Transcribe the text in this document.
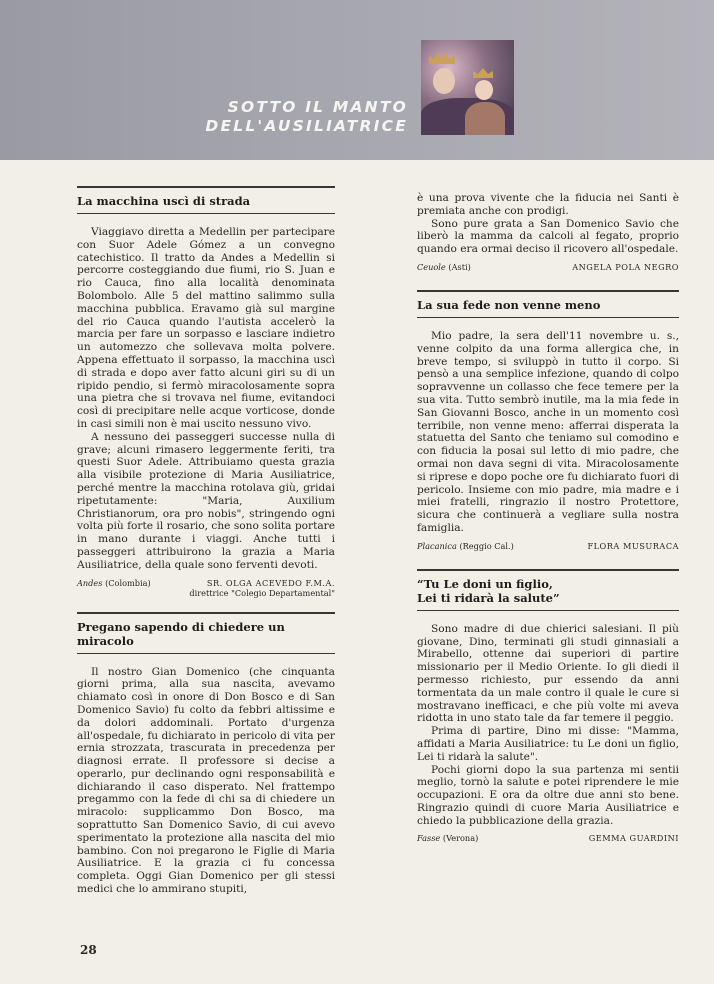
SOTTO IL MANTO
DELL'AUSILIATRICE
La macchina uscì di strada

Viaggiavo diretta a Medellin per partecipare con Suor Adele Gómez a un convegno catechistico. Il tratto da Andes a Medellin si percorre costeggiando due fiumi, rio S. Juan e rio Cauca, fino alla località denominata Bolombolo. Alle 5 del mattino salimmo sulla macchina pubblica. Eravamo già sul margine del rio Cauca quando l'autista accelerò la marcia per fare un sorpasso e lasciare indietro un automezzo che sollevava molta polvere. Appena effettuato il sorpasso, la macchina uscì di strada e dopo aver fatto alcuni giri su di un ripido pendio, si fermò miracolosamente sopra una pietra che si trovava nel fiume, evitandoci così di precipitare nelle acque vorticose, donde in casi simili non è mai uscito nessuno vivo.

A nessuno dei passeggeri successe nulla di grave; alcuni rimasero leggermente feriti, tra questi Suor Adele. Attribuiamo questa grazia alla visibile protezione di Maria Ausiliatrice, perché mentre la macchina rotolava giù, gridai ripetutamente: "Maria, Auxilium Christianorum, ora pro nobis", stringendo ogni volta più forte il rosario, che sono solita portare in mano durante i viaggi. Anche tutti i passeggeri attribuirono la grazia a Maria Ausiliatrice, della quale sono ferventi devoti.

Andes (Colombia)	SR. OLGA ACEVEDO F.M.A.
direttrice "Colegio Departamental"
Pregano sapendo di chiedere un miracolo

Il nostro Gian Domenico (che cinquanta giorni prima, alla sua nascita, avevamo chiamato così in onore di Don Bosco e di San Domenico Savio) fu colto da febbri altissime e da dolori addominali. Portato d'urgenza all'ospedale, fu dichiarato in pericolo di vita per ernia strozzata, trascurata in precedenza per diagnosi errate. Il professore si decise a operarlo, pur declinando ogni responsabilità e dichiarando il caso disperato. Nel frattempo pregammo con la fede di chi sa di chiedere un miracolo: supplicammo Don Bosco, ma soprattutto San Domenico Savio, di cui avevo sperimentato la protezione alla nascita del mio bambino. Con noi pregarono le Figlie di Maria Ausiliatrice. E la grazia ci fu concessa completa. Oggi Gian Domenico per gli stessi medici che lo ammirano stupiti,

è una prova vivente che la fiducia nei Santi è premiata anche con prodigi.

Sono pure grata a San Domenico Savio che liberò la mamma da calcoli al fegato, proprio quando era ormai deciso il ricovero all'ospedale.

Ceuole (Asti)	ANGELA POLA NEGRO
La sua fede non venne meno

Mio padre, la sera dell'11 novembre u. s., venne colpito da una forma allergica che, in breve tempo, si sviluppò in tutto il corpo. Si pensò a una semplice infezione, quando di colpo sopravvenne un collasso che fece temere per la sua vita. Tutto sembrò inutile, ma la mia fede in San Giovanni Bosco, anche in un momento così terribile, non venne meno: afferrai disperata la statuetta del Santo che teniamo sul comodino e con fiducia la posai sul letto di mio padre, che ormai non dava segni di vita. Miracolosamente si riprese e dopo poche ore fu dichiarato fuori di pericolo. Insieme con mio padre, mia madre e i miei fratelli, ringrazio il nostro Protettore, sicura che continuerà a vegliare sulla nostra famiglia.

Placanica (Reggio Cal.)	FLORA MUSURACA
“Tu Le doni un figlio,
Lei ti ridarà la salute”

Sono madre di due chierici salesiani. Il più giovane, Dino, terminati gli studi ginnasiali a Mirabello, ottenne dai superiori di partire missionario per il Medio Oriente. Io gli diedi il permesso richiesto, pur essendo da anni tormentata da un male contro il quale le cure si mostravano inefficaci, e che più volte mi aveva ridotta in uno stato tale da far temere il peggio.

Prima di partire, Dino mi disse: "Mamma, affidati a Maria Ausiliatrice: tu Le doni un figlio, Lei ti ridarà la salute".

Pochi giorni dopo la sua partenza mi sentii meglio, tornò la salute e potei riprendere le mie occupazioni. E ora da oltre due anni sto bene. Ringrazio quindi di cuore Maria Ausiliatrice e chiedo la pubblicazione della grazia.

Fasse (Verona)	GEMMA GUARDINI
28
